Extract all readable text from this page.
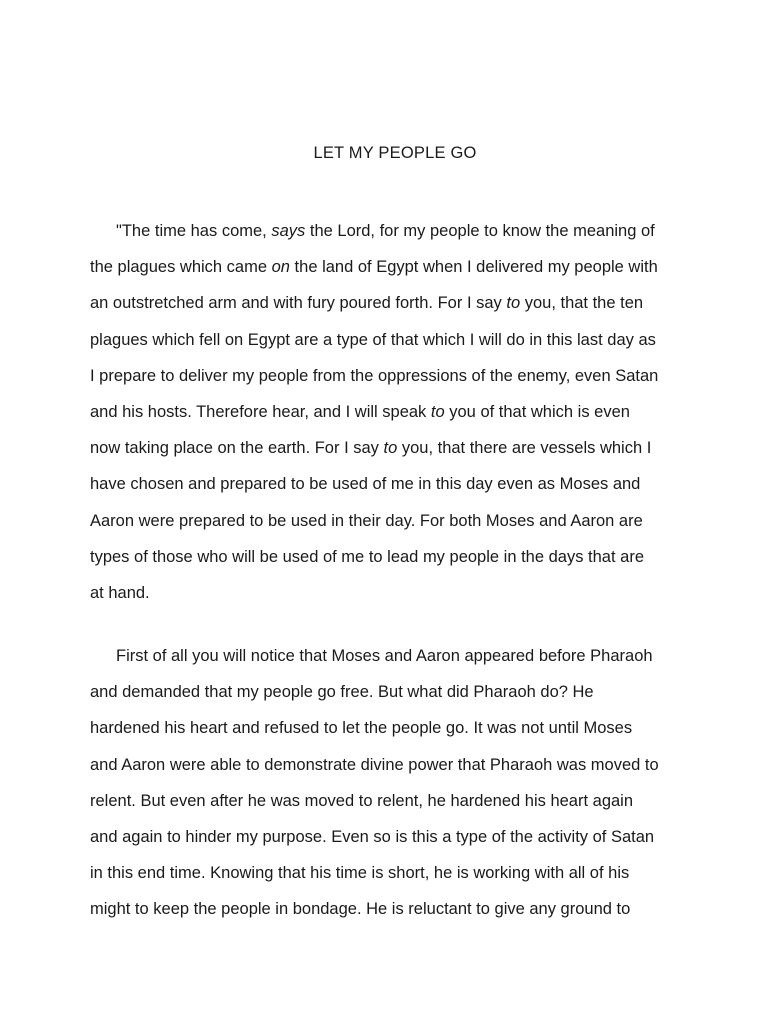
LET MY PEOPLE GO
"The time has come, says the Lord, for my people to know the meaning of
the plagues which came on the land of Egypt when I delivered my people with
an outstretched arm and with fury poured forth. For I say to you, that the ten
plagues which fell on Egypt are a type of that which I will do in this last day as
I prepare to deliver my people from the oppressions of the enemy, even Satan
and his hosts. Therefore hear, and I will speak to you of that which is even
now taking place on the earth. For I say to you, that there are vessels which I
have chosen and prepared to be used of me in this day even as Moses and
Aaron were prepared to be used in their day. For both Moses and Aaron are
types of those who will be used of me to lead my people in the days that are
at hand.
First of all you will notice that Moses and Aaron appeared before Pharaoh
and demanded that my people go free. But what did Pharaoh do? He
hardened his heart and refused to let the people go. It was not until Moses
and Aaron were able to demonstrate divine power that Pharaoh was moved to
relent. But even after he was moved to relent, he hardened his heart again
and again to hinder my purpose. Even so is this a type of the activity of Satan
in this end time. Knowing that his time is short, he is working with all of his
might to keep the people in bondage. He is reluctant to give any ground to
